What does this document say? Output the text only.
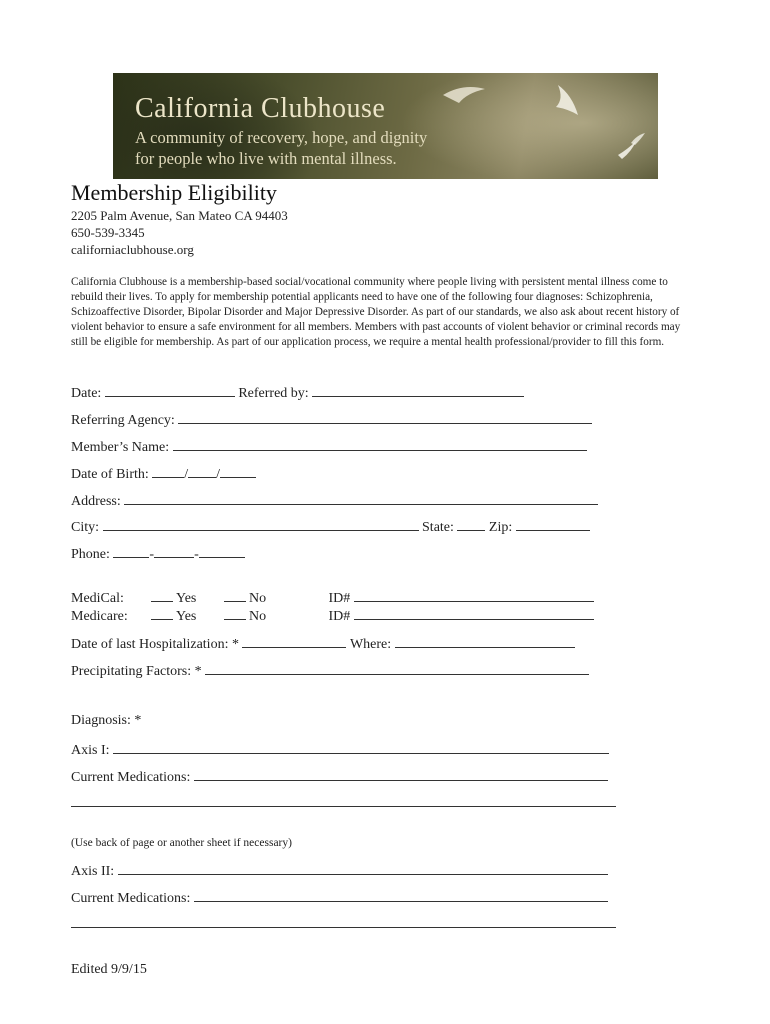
California Clubhouse
A community of recovery, hope, and dignity
for people who live with mental illness.
Membership Eligibility
2205 Palm Avenue, San Mateo CA 94403
650-539-3345
californiaclubhouse.org
California Clubhouse is a membership-based social/vocational community where people living with persistent mental illness come to rebuild their lives. To apply for membership potential applicants need to have one of the following four diagnoses: Schizophrenia, Schizoaffective Disorder, Bipolar Disorder and Major Depressive Disorder. As part of our standards, we also ask about recent history of violent behavior to ensure a safe environment for all members. Members with past accounts of violent behavior or criminal records may still be eligible for membership. As part of our application process, we require a mental health professional/provider to fill this form.
Date:	Referred by:
Referring Agency:
Member’s Name:
Date of Birth:	/ /
Address:
City:	State:	Zip:
Phone:	-	-
MediCal:	Yes	No	ID#
Medicare:	Yes	No	ID#
Date of last Hospitalization: *	Where:
Precipitating Factors: *
Diagnosis: *
Axis I:
Current Medications:
(Use back of page or another sheet if necessary)
Axis II:
Current Medications:
Edited 9/9/15
